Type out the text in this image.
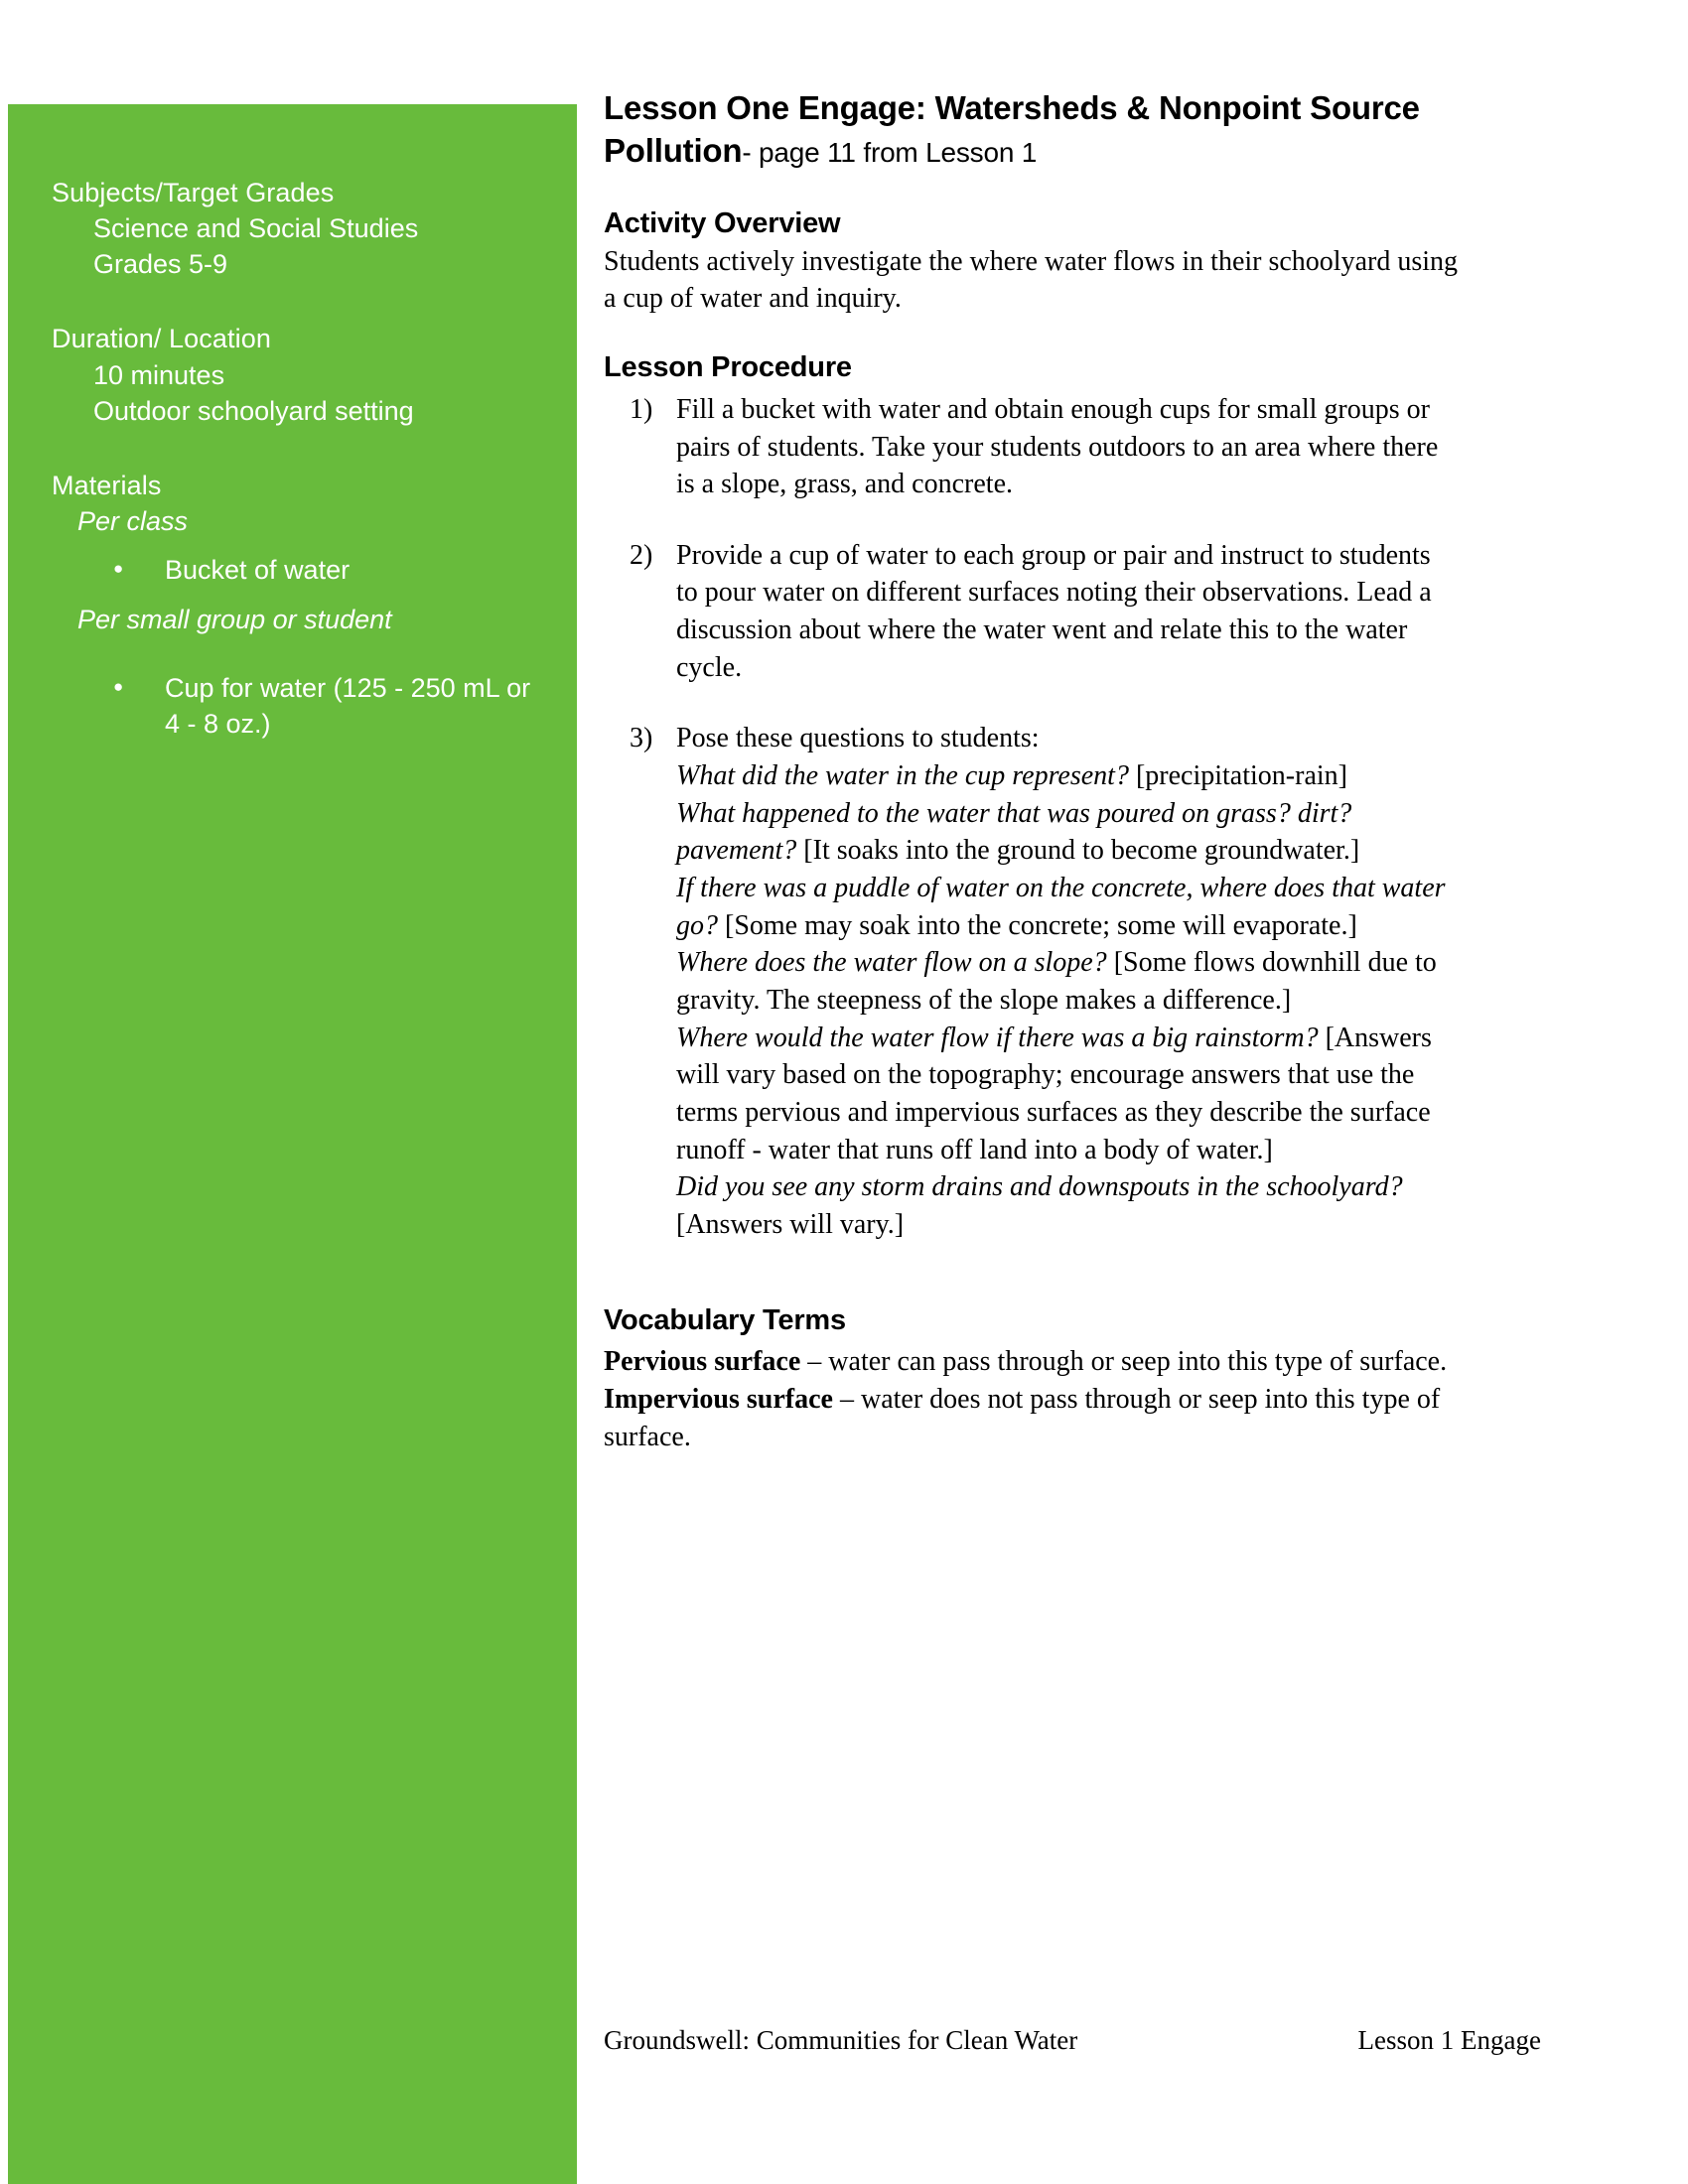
Subjects/Target Grades
Science and Social Studies
Grades 5-9
Duration/ Location
10 minutes
Outdoor schoolyard setting
Materials
Per class
● Bucket of water
Per small group or student
● Cup for water (125 - 250 mL or 4 - 8 oz.)
Lesson One Engage: Watersheds & Nonpoint Source Pollution- page 11 from Lesson 1
Activity Overview

Students actively investigate the where water flows in their schoolyard using a cup of water and inquiry.

Lesson Procedure
1) Fill a bucket with water and obtain enough cups for small groups or pairs of students. Take your students outdoors to an area where there is a slope, grass, and concrete.
2) Provide a cup of water to each group or pair and instruct to students to pour water on different surfaces noting their observations. Lead a discussion about where the water went and relate this to the water cycle.
3) Pose these questions to students:
What did the water in the cup represent? [precipitation-rain]
What happened to the water that was poured on grass? dirt? pavement? [It soaks into the ground to become groundwater.]
If there was a puddle of water on the concrete, where does that water go? [Some may soak into the concrete; some will evaporate.]
Where does the water flow on a slope? [Some flows downhill due to gravity. The steepness of the slope makes a difference.]
Where would the water flow if there was a big rainstorm? [Answers will vary based on the topography; encourage answers that use the terms pervious and impervious surfaces as they describe the surface runoff - water that runs off land into a body of water.]
Did you see any storm drains and downspouts in the schoolyard? [Answers will vary.]
Vocabulary Terms
Pervious surface – water can pass through or seep into this type of surface.
Impervious surface – water does not pass through or seep into this type of surface.
Groundswell: Communities for Clean Water	Lesson 1 Engage
